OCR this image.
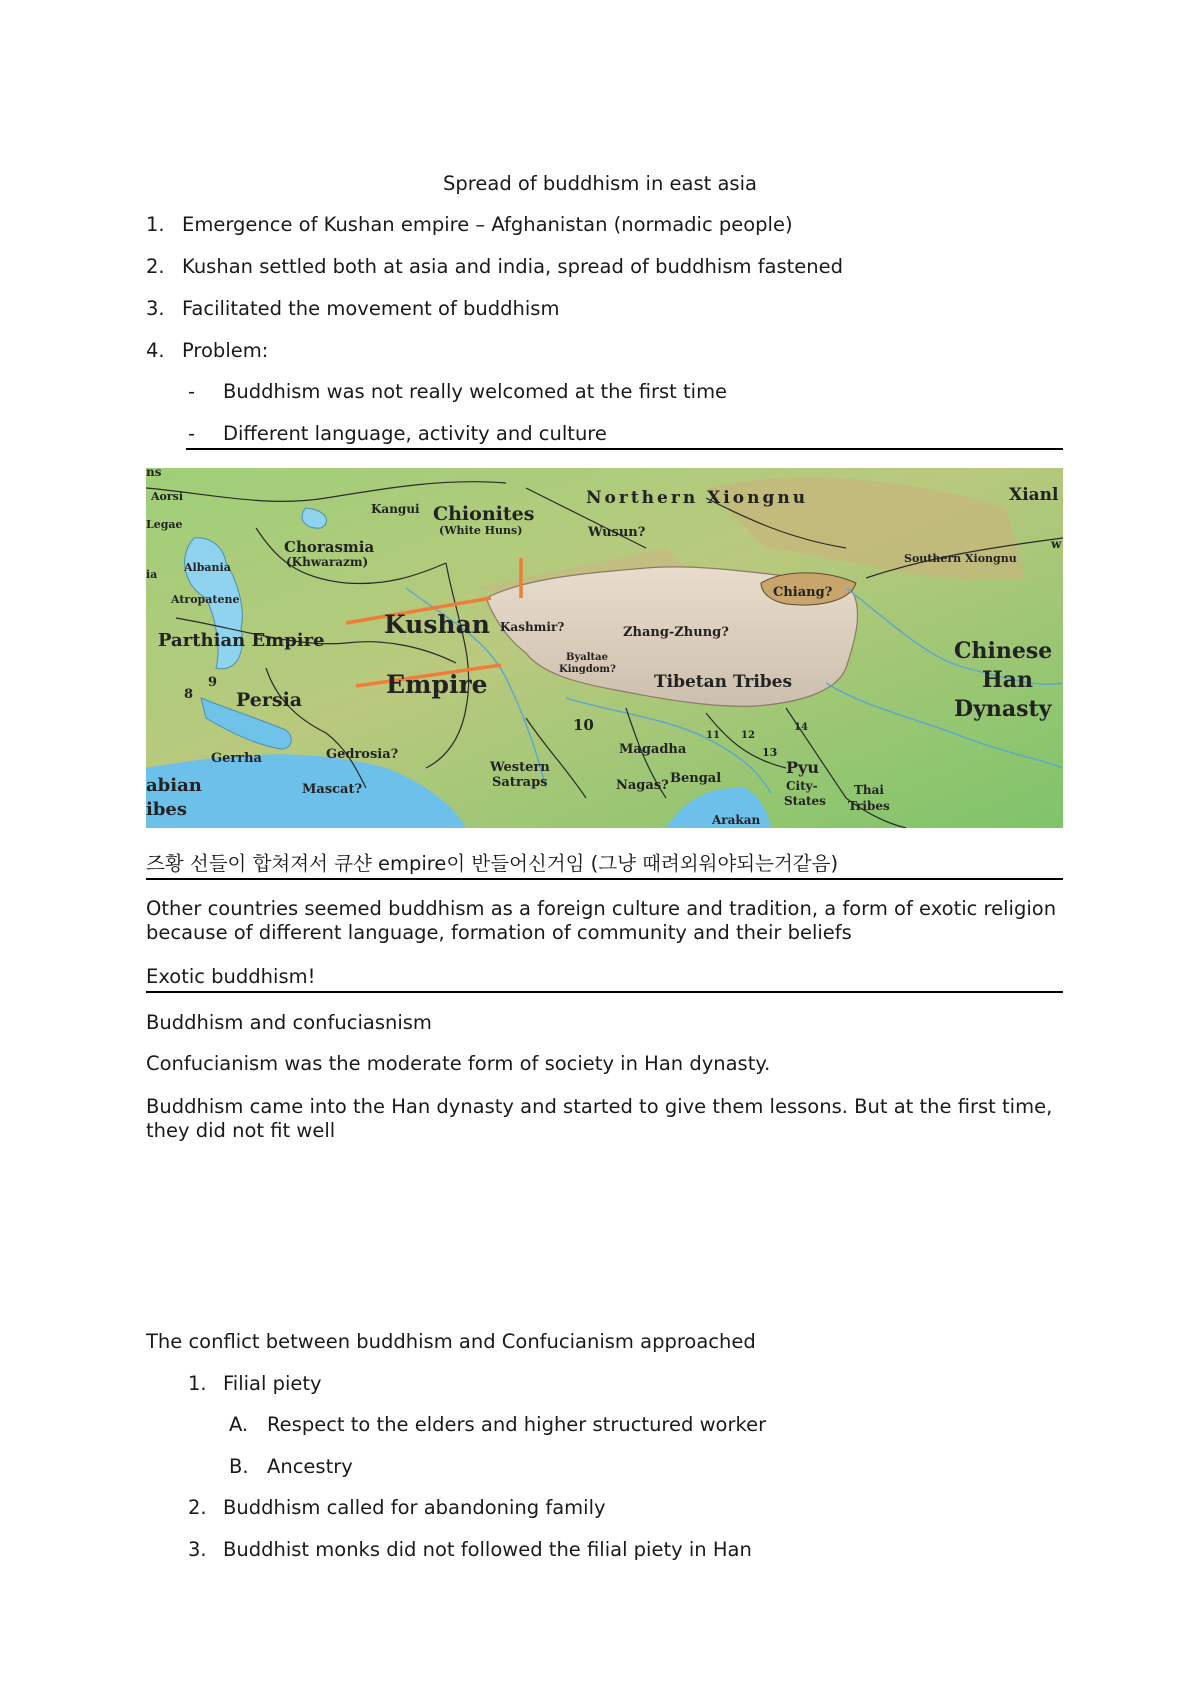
Spread of buddhism in east asia
1. Emergence of Kushan empire – Afghanistan (normadic people)
2. Kushan settled both at asia and india, spread of buddhism fastened
3. Facilitated the movement of buddhism
4. Problem:
- Buddhism was not really welcomed at the first time
- Different language, activity and culture
Northern Xiongnu	Xianl
w
ns
Aorsi
Legae
Albania
ia
Atropatene
Kangui Chionites
(White Huns)	Wusun?
Chorasmia
(Khwarazm)	Southern Xiongnu
Chiang?
Parthian Empire
Kushan
Empire
Kashmir?	Zhang-Zhung?
Byaltae
Kingdom?
Tibetan Tribes
Chinese
Han
Dynasty
Persia
8
9
10
11 12
13
14
Gedrosia?
Gerrha
Magadha
Western
Satraps	Bengal
Pyu
City-
States
Thai
Tribes
Nagas?
Mascat?
Arakan
abian
ibes
즈황 선들이 합쳐져서 큐샨 empire이 반들어신거임 (그냥 때려외워야되는거같음)
Other countries seemed buddhism as a foreign culture and tradition, a form of exotic religion because of different language, formation of community and their beliefs
Exotic buddhism!
Buddhism and confuciasnism
Confucianism was the moderate form of society in Han dynasty.
Buddhism came into the Han dynasty and started to give them lessons. But at the first time, they did not fit well
The conflict between buddhism and Confucianism approached
1. Filial piety
A. Respect to the elders and higher structured worker
B. Ancestry
2. Buddhism called for abandoning family
3. Buddhist monks did not followed the filial piety in Han
